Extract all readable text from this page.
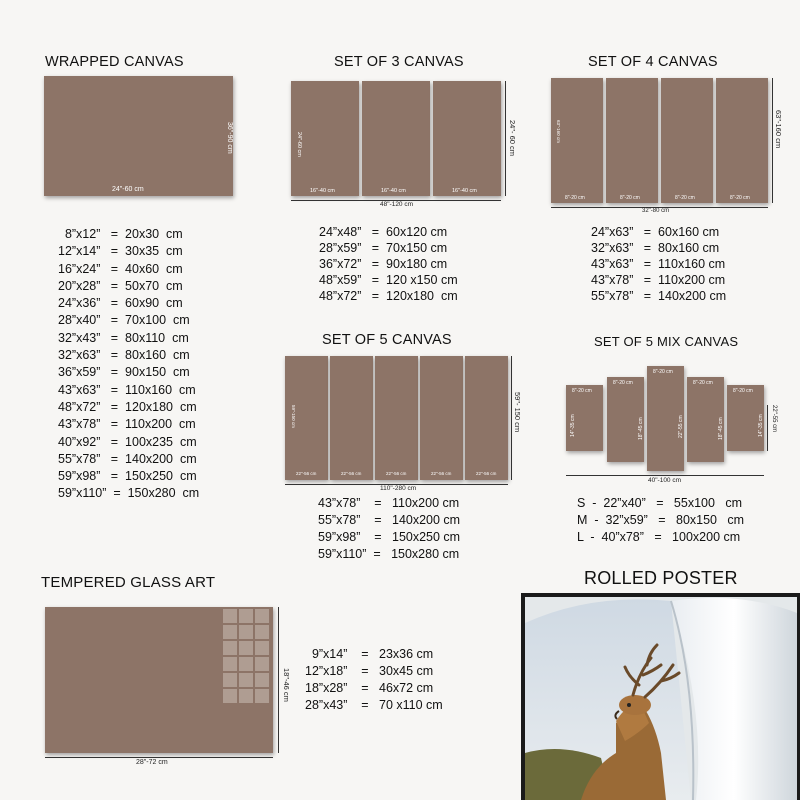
WRAPPED CANVAS
24"-60 cm
36"-90 cm
8”x12”   =  20x30  cm
12”x14”   =  30x35  cm
16”x24”   =  40x60  cm
20”x28”   =  50x70  cm
24”x36”   =  60x90  cm
28”x40”   =  70x100  cm
32”x43”   =  80x110  cm
32”x63”   =  80x160  cm
36”x59”   =  90x150  cm
43”x63”   =  110x160  cm
48”x72”   =  120x180  cm
43”x78”   =  110x200  cm
40”x92”   =  100x235  cm
55”x78”   =  140x200  cm
59”x98”   =  150x250  cm
59”x110”  =  150x280  cm
SET OF 3 CANVAS
24"-60 cm
16"-40 cm	16"-40 cm	16"-40 cm
48"-120 cm
24"- 60 cm
24”x48”   =  60x120 cm
28”x59”   =  70x150 cm
36”x72”   =  90x180 cm
48”x59”   =  120 x150 cm
48”x72”   =  120x180  cm
SET OF 4 CANVAS
63"-160 cm
8"-20 cm	8"-20 cm	8"-20 cm	8"-20 cm
32"-80 cm
63"-160 cm
24”x63”   =  60x160 cm
32”x63”   =  80x160 cm
43”x63”   =  110x160 cm
43”x78”   =  110x200 cm
55”x78”   =  140x200 cm
SET OF 5 CANVAS
59"-150 cm
22"-56 cm	22"-56 cm	22"-56 cm	22"-56 cm	22"-56 cm
110"-280 cm
59"- 150 cm
43”x78”    =   110x200 cm
55”x78”    =   140x200 cm
59”x98”    =   150x250 cm
59”x110”  =   150x280 cm
SET OF 5 MIX CANVAS
8"-20 cm
8"-20 cm
8"-20 cm
8"-20 cm
8"-20 cm
14"-35 cm	18"-45 cm	22"-55 cm	18"-45 cm	14"-35 cm
40"-100 cm
22"-55 cm
S  -  22”x40”   =   55x100   cm
M  -  32”x59”   =   80x150   cm
L  -  40”x78”   =   100x200 cm
TEMPERED GLASS ART
28"-72 cm
18"-46 cm
9”x14”    =   23x36 cm
12”x18”    =   30x45 cm
18”x28”    =   46x72 cm
28”x43”    =   70 x110 cm
ROLLED POSTER
